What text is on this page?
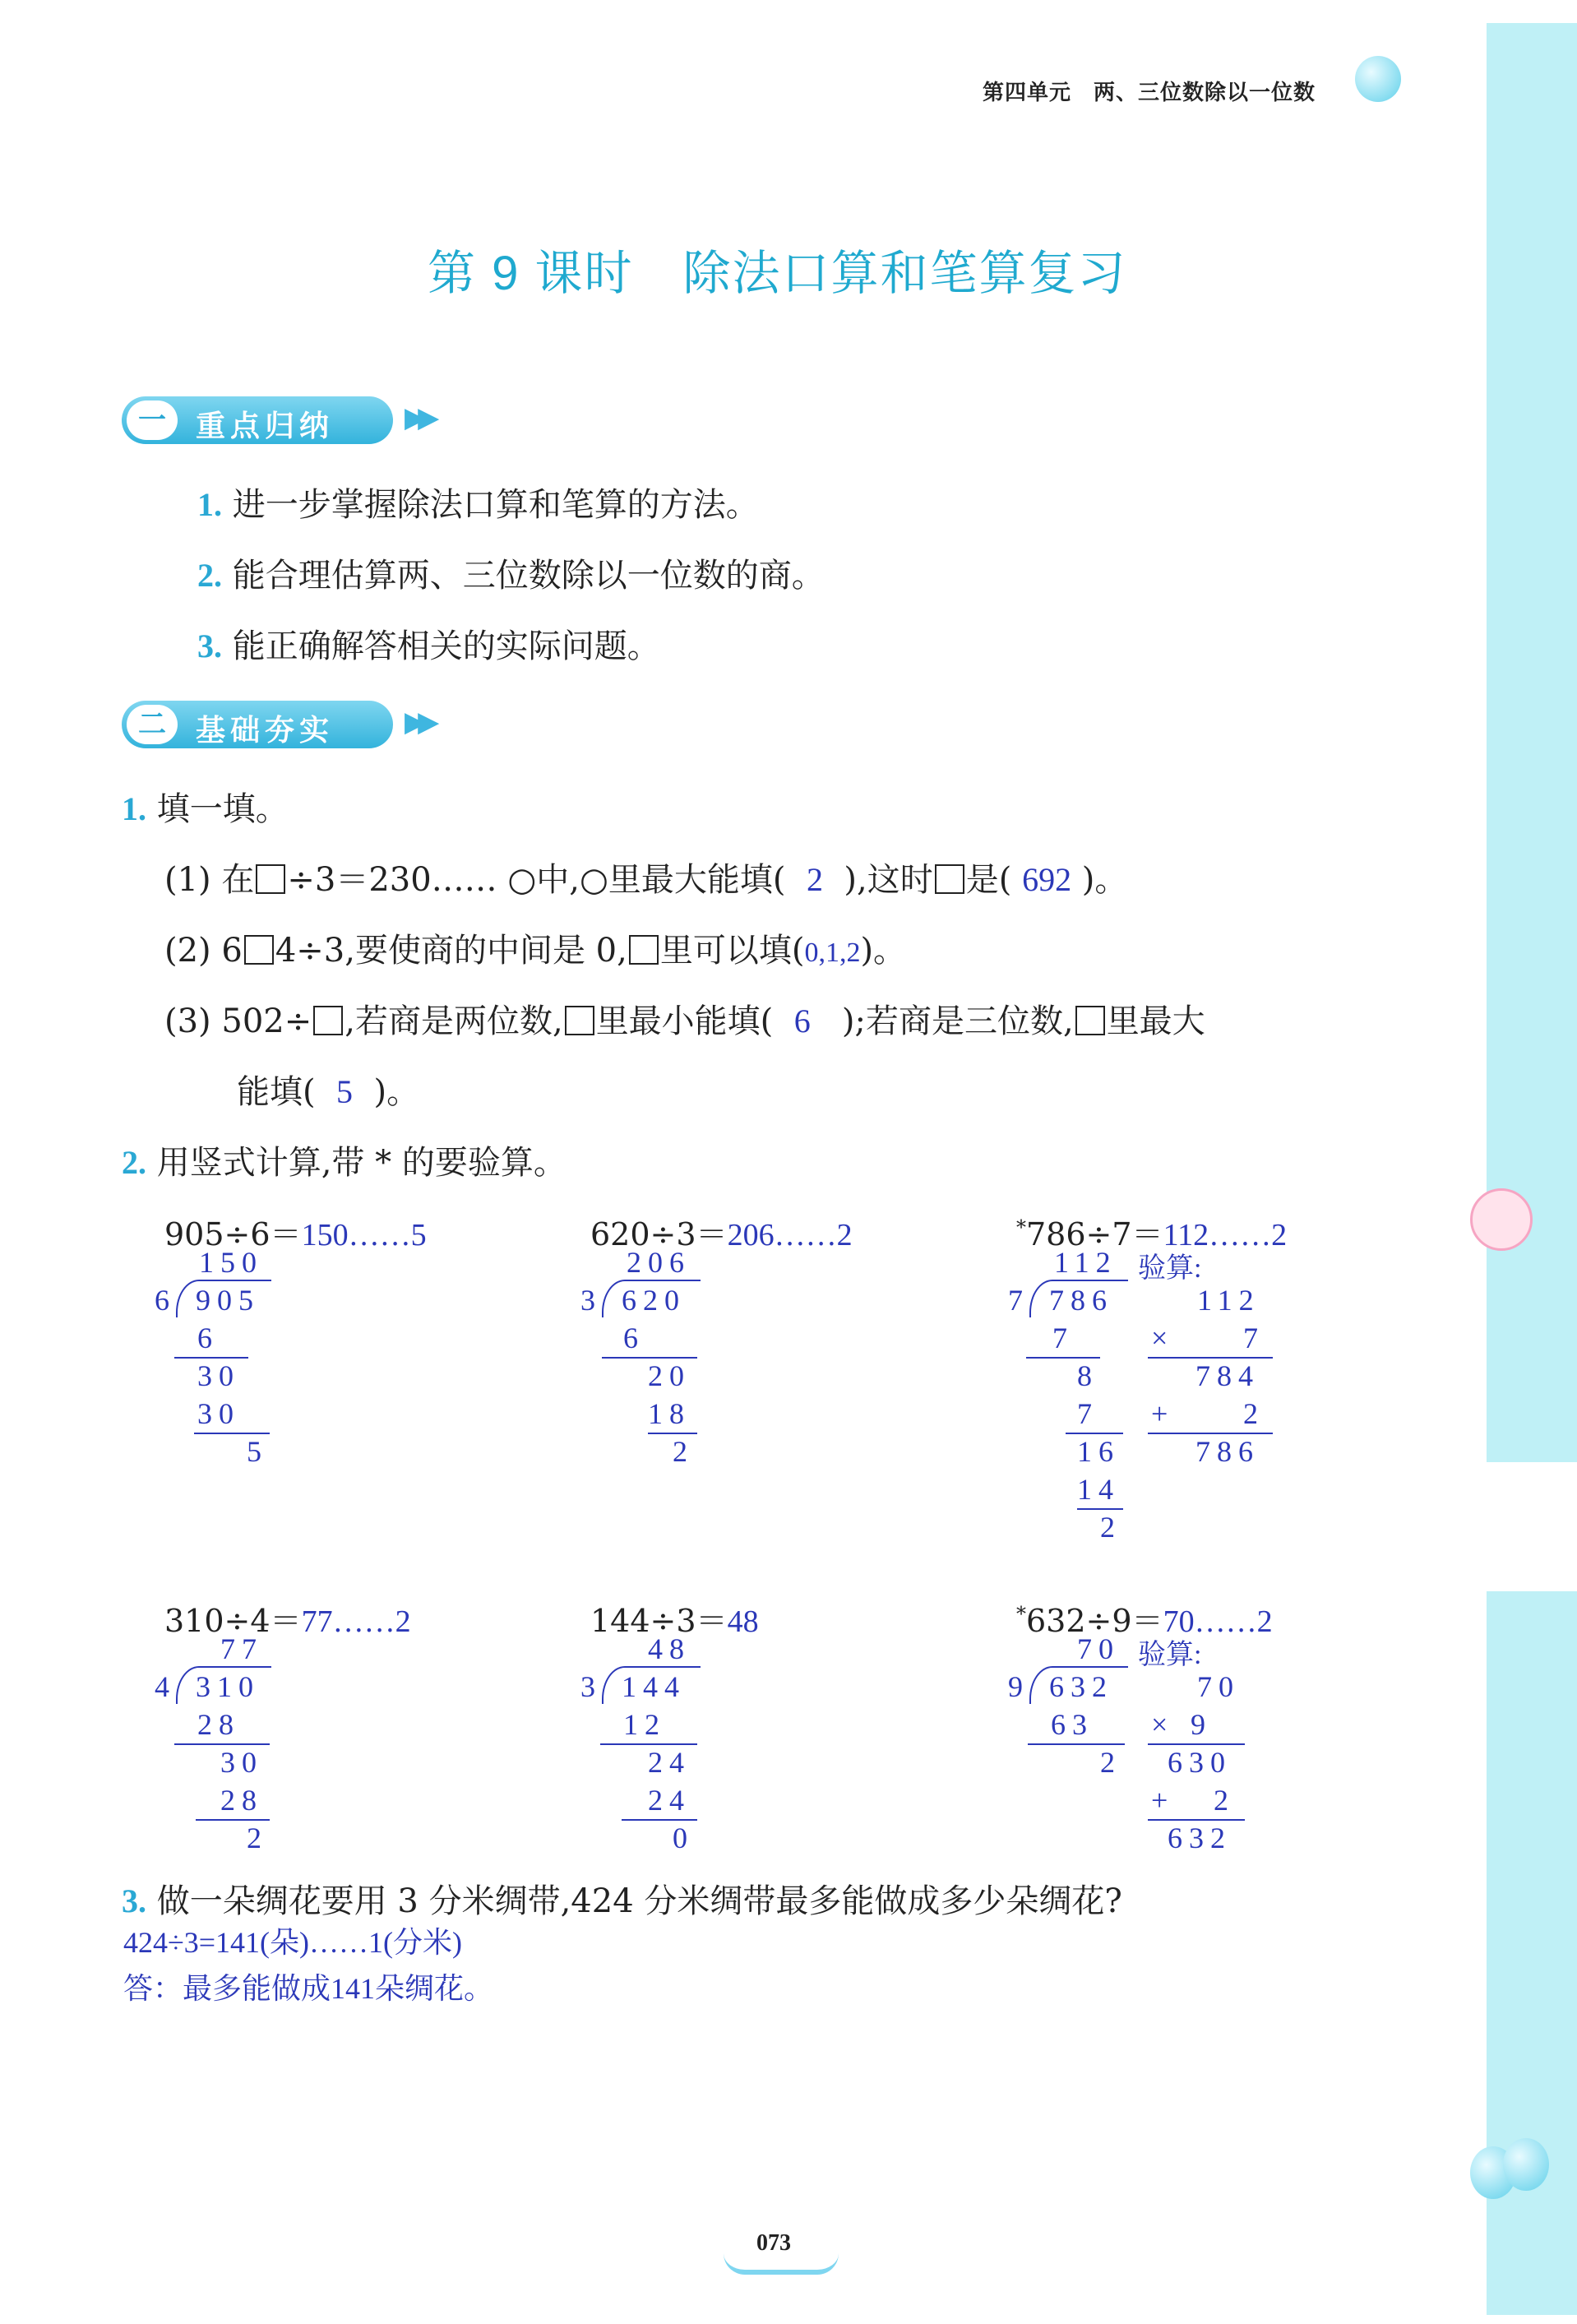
第四单元　两、三位数除以一位数
第 9 课时 除法口算和笔算复习
一	重点归纳	▶▶
1. 进一步掌握除法口算和笔算的方法。
2. 能合理估算两、三位数除以一位数的商。
3. 能正确解答相关的实际问题。
二	基础夯实	▶▶
1. 填一填。
(1) 在 ÷3＝230…… ○中,○里最大能填( 2 ),这时 是( 692 )。
(2) 6 4÷3,要使商的中间是 0, 里可以填(0,1,2)。
(3) 502÷ ,若商是两位数, 里最小能填( 6 );若商是三位数, 里最大
能填( 5 )。
2. 用竖式计算,带 * 的要验算。
905÷6＝150……5	620÷3＝206……2	*786÷7＝112……2
150
6 905
6
30
30
5
206
3 620
6
20
18
2
112 验算:
7 786
7
8
7
16
14
2
112
× 7
784
+ 2
786
310÷4＝77……2	144÷3＝48	*632÷9＝70……2
77
4 310
28
30
28
2
48
3 144
12
24
24
0
70 验算:
9 632
63
2
70
× 9
630
+ 2
632
3. 做一朵绸花要用 3 分米绸带,424 分米绸带最多能做成多少朵绸花?
424÷3=141(朵)……1(分米)
答：最多能做成141朵绸花。
073
